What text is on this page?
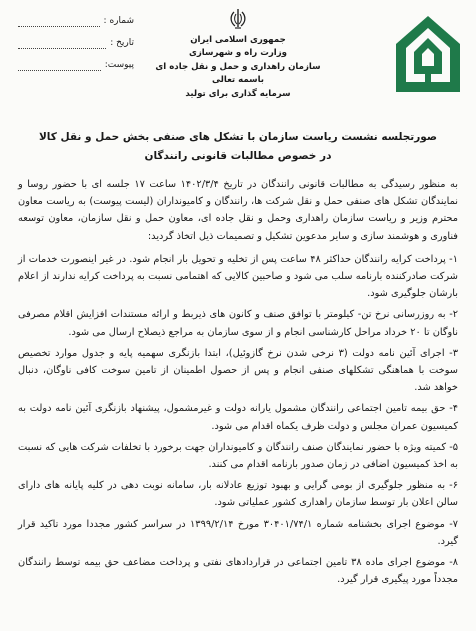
شماره :
تاریخ :
پیوست:
جمهوری اسلامی ایران
وزارت راه و شهرسازی
سازمان راهداری و حمل و نقل جاده ای
باسمه تعالی
سرمایه گذاری برای تولید
صورتجلسه نشست ریاست سازمان با تشکل های صنفی بخش حمل و نقل کالا
در خصوص مطالبات قانونی رانندگان

به منظور رسیدگی به مطالبات قانونی رانندگان در تاریخ ۱۴۰۲/۳/۴ ساعت ۱۷ جلسه ای با حضور روسا و نمایندگان تشکل های صنفی حمل و نقل شرکت ها، رانندگان و کامیونداران (لیست پیوست) به ریاست معاون محترم وزیر و ریاست سازمان راهداری وحمل و نقل جاده ای، معاون حمل و نقل سازمان، معاون توسعه فناوری و هوشمند سازی و سایر مدعوین تشکیل و تصمیمات ذیل اتخاذ گردید:

۱- پرداخت کرایه رانندگان حداکثر ۴۸ ساعت پس از تخلیه و تحویل بار انجام شود. در غیر اینصورت خدمات از شرکت صادرکننده بارنامه سلب می شود و صاحبین کالایی که اهتمامی نسبت به پرداخت کرایه ندارند از اعلام بارشان جلوگیری شود.

۲- به روزرسانی نرخ تن- کیلومتر با توافق صنف و کانون های ذیربط و ارائه مستندات افزایش اقلام مصرفی ناوگان تا ۲۰ خرداد مراحل کارشناسی انجام و از سوی سازمان به مراجع ذیصلاح ارسال می شود.

۳- اجرای آئین نامه دولت (۳ نرخی شدن نرخ گازوئیل)، ابتدا بازنگری سهمیه پایه و جدول موارد تخصیص سوخت با هماهنگی تشکلهای صنفی انجام و پس از حصول اطمینان از تامین سوخت کافی ناوگان، دنبال خواهد شد.

۴- حق بیمه تامین اجتماعی رانندگان مشمول یارانه دولت و غیرمشمول، پیشنهاد بازنگری آئین نامه دولت به کمیسیون عمران مجلس و دولت ظرف یکماه اقدام می شود.

۵- کمیته ویژه با حضور نمایندگان صنف رانندگان و کامیونداران جهت برخورد با تخلفات شرکت هایی که نسبت به اخذ کمیسیون اضافی در زمان صدور بارنامه اقدام می کنند.

۶- به منظور جلوگیری از بومی گرایی و بهبود توزیع عادلانه بار، سامانه نوبت دهی در کلیه پایانه های دارای سالن اعلان بار توسط سازمان راهداری کشور عملیاتی شود.

۷- موضوع اجرای بخشنامه شماره ۳۰۴۰۱/۷۴/۱ مورخ ۱۳۹۹/۲/۱۴ در سراسر کشور مجددا مورد تاکید قرار گیرد.

۸- موضوع اجرای ماده ۳۸ تامین اجتماعی در قراردادهای نفتی و پرداخت مضاعف حق بیمه توسط رانندگان مجدداً مورد پیگیری قرار گیرد.
